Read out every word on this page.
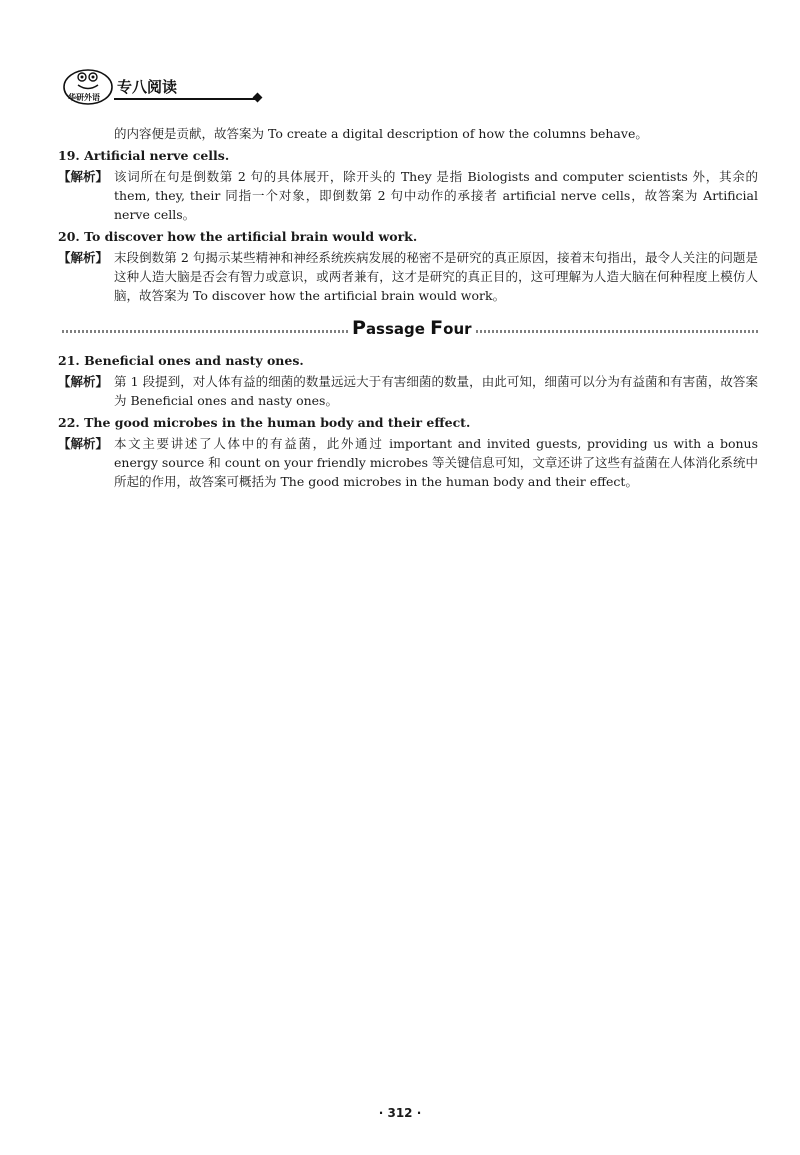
华研外语
专八阅读

的内容便是贡献，故答案为 To create a digital description of how the columns behave。

19. Artificial nerve cells.

【解析】 该词所在句是倒数第 2 句的具体展开，除开头的 They 是指 Biologists and computer scientists 外，其余的 them, they, their 同指一个对象，即倒数第 2 句中动作的承接者 artificial nerve cells，故答案为 Artificial nerve cells。

20. To discover how the artificial brain would work.

【解析】 末段倒数第 2 句揭示某些精神和神经系统疾病发展的秘密不是研究的真正原因，接着末句指出，最令人关注的问题是这种人造大脑是否会有智力或意识，或两者兼有，这才是研究的真正目的，这可理解为人造大脑在何种程度上模仿人脑，故答案为 To discover how the artificial brain would work。
Passage Four

21. Beneficial ones and nasty ones.

【解析】 第 1 段提到，对人体有益的细菌的数量远远大于有害细菌的数量，由此可知，细菌可以分为有益菌和有害菌，故答案为 Beneficial ones and nasty ones。

22. The good microbes in the human body and their effect.

【解析】 本文主要讲述了人体中的有益菌，此外通过 important and invited guests, providing us with a bonus energy source 和 count on your friendly microbes 等关键信息可知，文章还讲了这些有益菌在人体消化系统中所起的作用，故答案可概括为 The good microbes in the human body and their effect。
· 312 ·
